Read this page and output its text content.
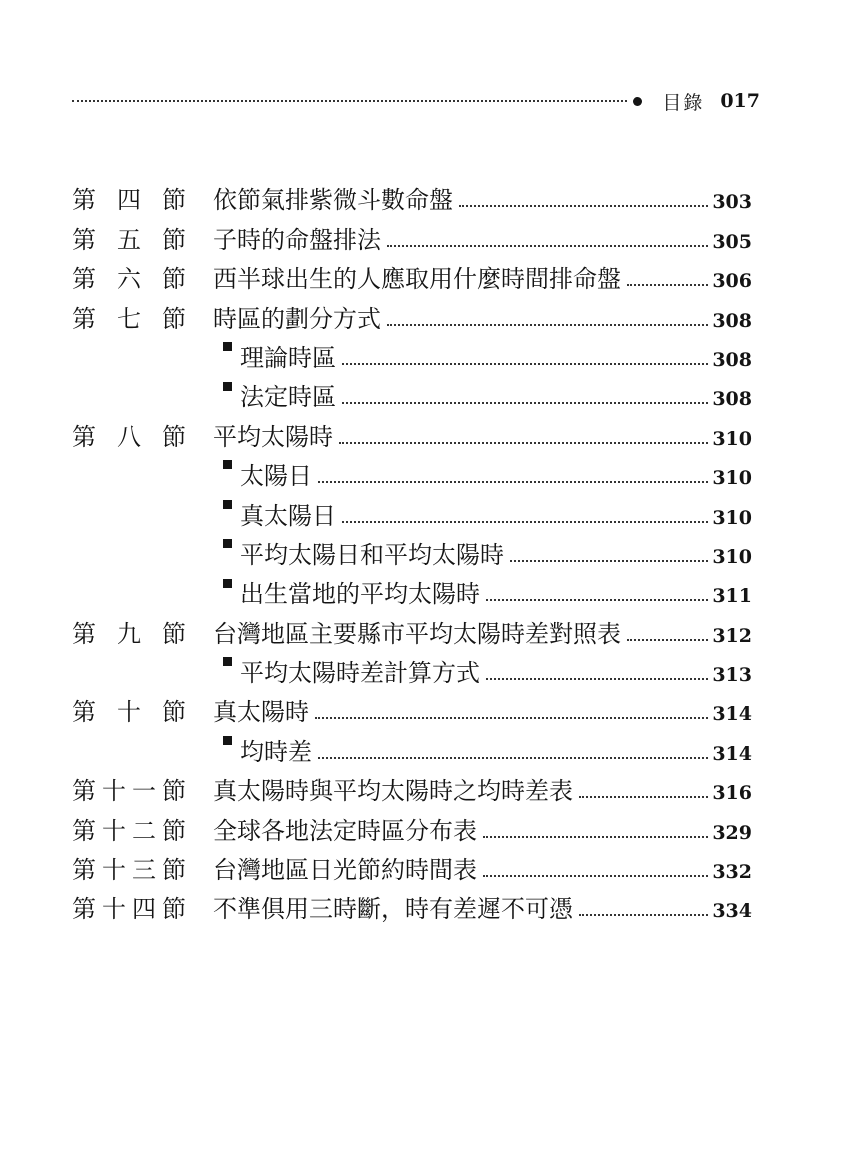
目錄 017
第 四 節 依節氣排紫微斗數命盤	303
第 五 節 子時的命盤排法	305
第 六 節 西半球出生的人應取用什麼時間排命盤	306
第 七 節 時區的劃分方式	308
理論時區	308
法定時區	308
第 八 節 平均太陽時	310
太陽日	310
真太陽日	310
平均太陽日和平均太陽時	310
出生當地的平均太陽時	311
第 九 節 台灣地區主要縣市平均太陽時差對照表	312
平均太陽時差計算方式	313
第 十 節 真太陽時	314
均時差	314
第 十 一 節 真太陽時與平均太陽時之均時差表	316
第 十 二 節 全球各地法定時區分布表	329
第 十 三 節 台灣地區日光節約時間表	332
第 十 四 節 不準俱用三時斷，時有差遲不可憑	334
